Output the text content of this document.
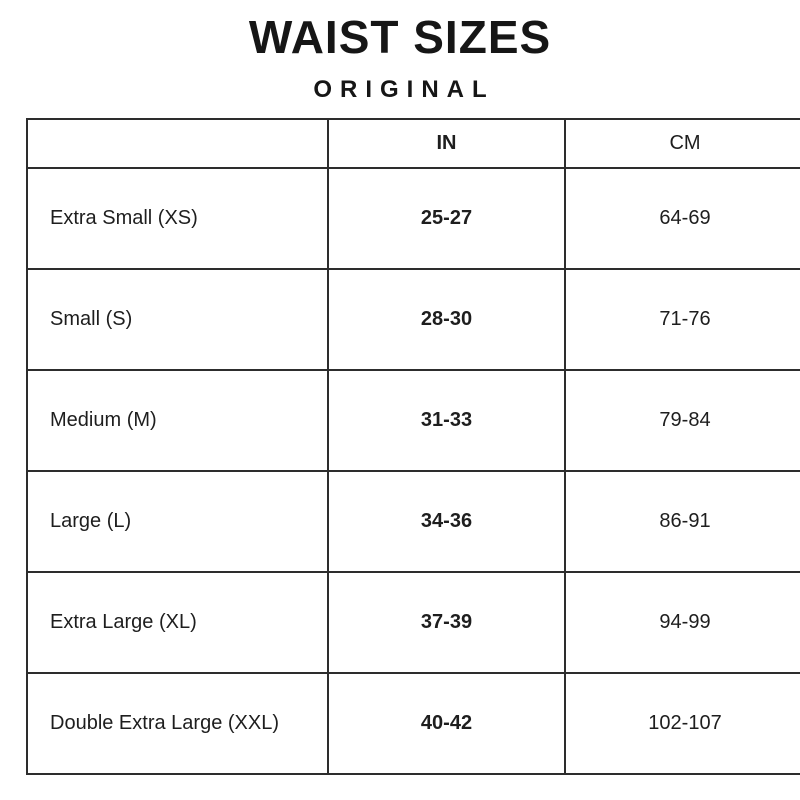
WAIST SIZES
ORIGINAL
	IN	CM
Extra Small (XS)	25-27	64-69
Small (S)	28-30	71-76
Medium (M)	31-33	79-84
Large (L)	34-36	86-91
Extra Large (XL)	37-39	94-99
Double Extra Large (XXL)	40-42	102-107
